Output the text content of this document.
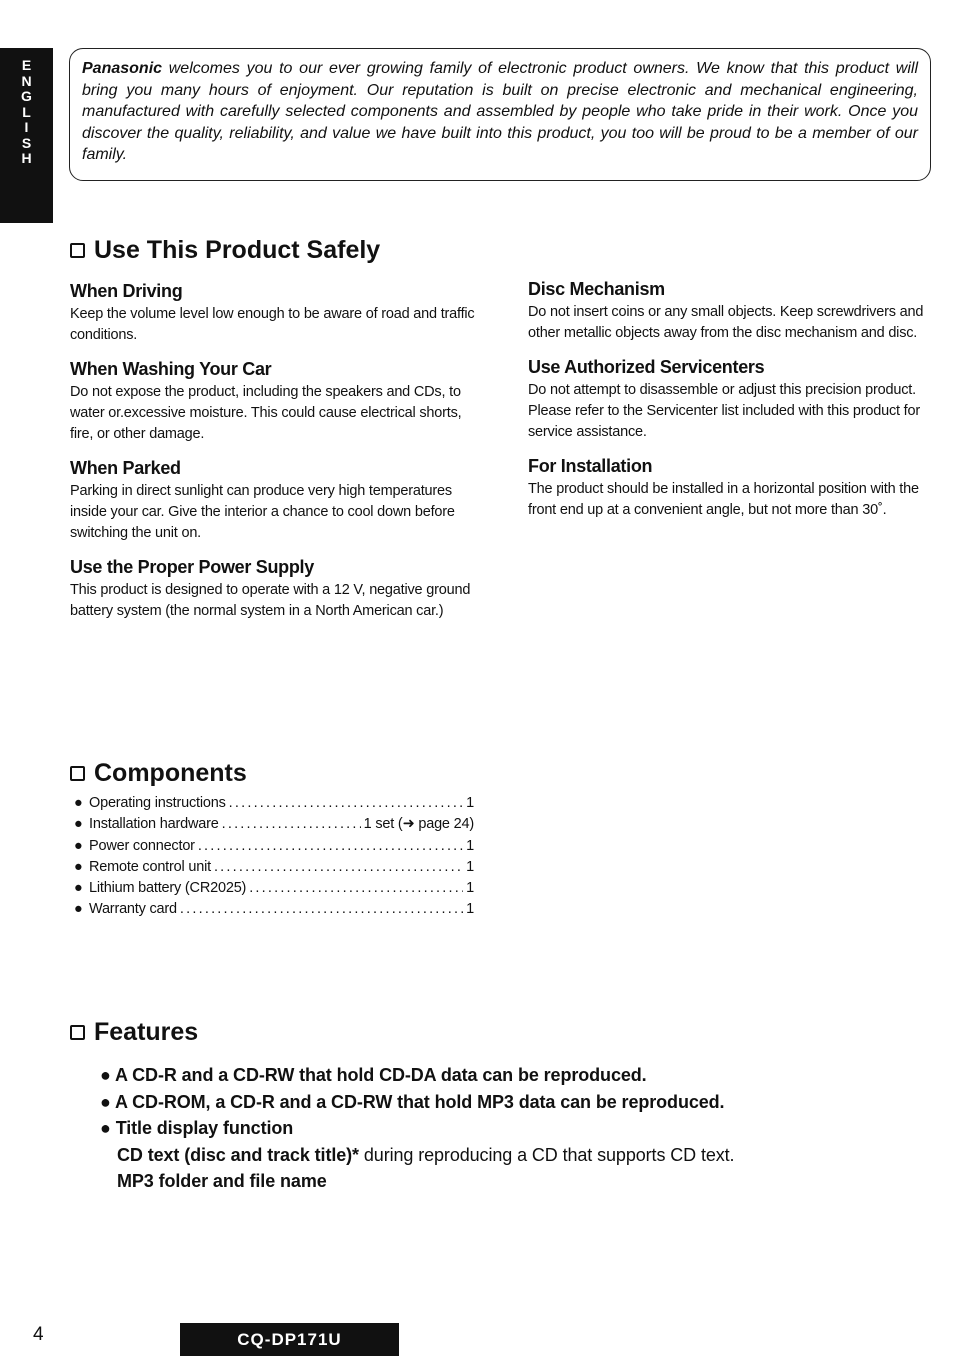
E
N
G
L
I
S
H

Panasonic welcomes you to our ever growing family of electronic product owners. We know that this product will bring you many hours of enjoyment. Our reputation is built on precise electronic and mechanical engineering, manufactured with carefully selected components and assembled by people who take pride in their work. Once you discover the quality, reliability, and value we have built into this product, you too will be proud to be a member of our family.

Use This Product Safely
When Driving

Keep the volume level low enough to be aware of road and traffic conditions.

When Washing Your Car

Do not expose the product, including the speakers and CDs, to water or.excessive moisture. This could cause electrical shorts, fire, or other damage.

When Parked

Parking in direct sunlight can produce very high temperatures inside your car. Give the interior a chance to cool down before switching the unit on.

Use the Proper Power Supply

This product is designed to operate with a 12 V, negative ground battery system (the normal system in a North American car.)

Disc Mechanism

Do not insert coins or any small objects. Keep screwdrivers and other metallic objects away from the disc mechanism and disc.

Use Authorized Servicenters

Do not attempt to disassemble or adjust this precision product. Please refer to the Servicenter list included with this product for service assistance.

For Installation

The product should be installed in a horizontal position with the front end up at a convenient angle, but not more than 30˚.

Components
● Operating instructions .....	1
● Installation hardware .....	1 set (➜ page 24)
● Power connector .....	1
● Remote control unit .....	1
● Lithium battery (CR2025) .....	1
● Warranty card .....	1
Features
● A CD-R and a CD-RW that hold CD-DA data can be reproduced.
● A CD-ROM, a CD-R and a CD-RW that hold MP3 data can be reproduced.
● Title display function
CD text (disc and track title)* during reproducing a CD that supports CD text.
MP3 folder and file name
4	CQ-DP171U
